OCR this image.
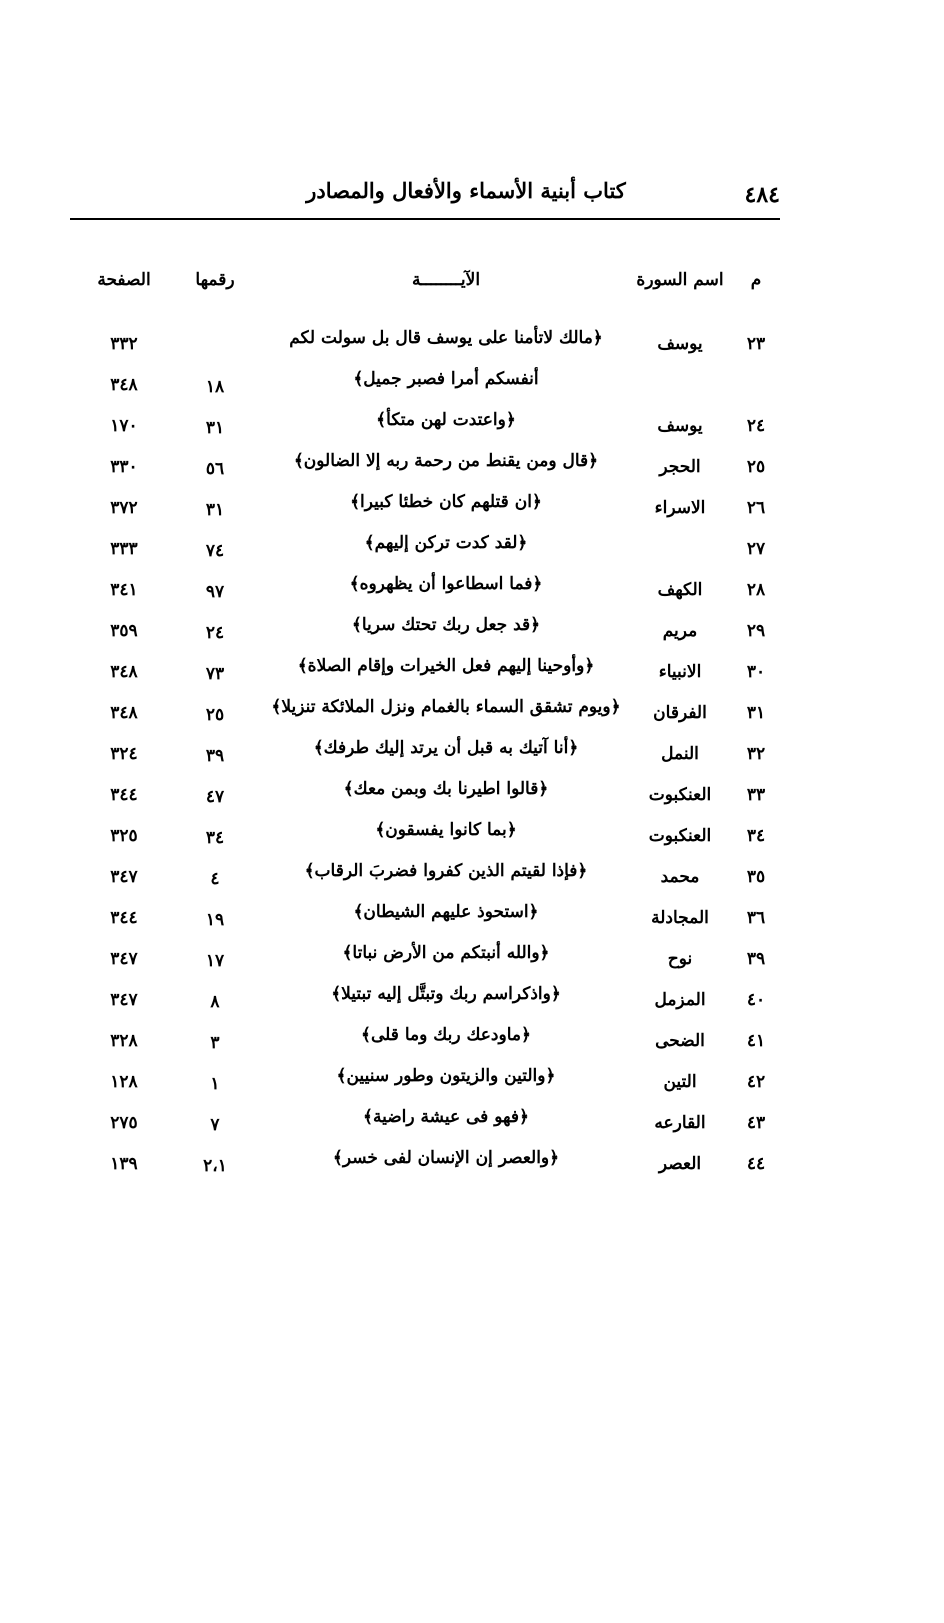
٤٨٤
كتاب أبنية الأسماء والأفعال والمصادر
م
اسم السورة
الآيــــــــة
رقمها
الصفحة
٢٣
يوسف
﴿مالك لاتأمنا على يوسف قال بل سولت لكم
٣٣٢
أنفسكم أمرا فصبر جميل﴾
١٨
٣٤٨
٢٤
يوسف
﴿واعتدت لهن متكأ﴾
٣١
١٧٠
٢٥
الحجر
﴿قال ومن يقنط من رحمة ربه إلا الضالون﴾
٥٦
٣٣٠
٢٦
الاسراء
﴿ان قتلهم كان خطئا كبيرا﴾
٣١
٣٧٢
٢٧
﴿لقد كدت تركن إليهم﴾
٧٤
٣٣٣
٢٨
الكهف
﴿فما اسطاعوا أن يظهروه﴾
٩٧
٣٤١
٢٩
مريم
﴿قد جعل ربك تحتك سريا﴾
٢٤
٣٥٩
٣٠
الانبياء
﴿وأوحينا إليهم فعل الخيرات وإقام الصلاة﴾
٧٣
٣٤٨
٣١
الفرقان
﴿ويوم تشقق السماء بالغمام ونزل الملائكة تنزيلا﴾
٢٥
٣٤٨
٣٢
النمل
﴿أنا آتيك به قبل أن يرتد إليك طرفك﴾
٣٩
٣٢٤
٣٣
العنكبوت
﴿قالوا اطيرنا بك وبمن معك﴾
٤٧
٣٤٤
٣٤
العنكبوت
﴿بما كانوا يفسقون﴾
٣٤
٣٢٥
٣٥
محمد
﴿فإذا لقيتم الذين كفروا فضربَ الرقاب﴾
٤
٣٤٧
٣٦
المجادلة
﴿استحوذ عليهم الشيطان﴾
١٩
٣٤٤
٣٩
نوح
﴿والله أنبتكم من الأرض نباتا﴾
١٧
٣٤٧
٤٠
المزمل
﴿واذكراسم ربك وتبتَّل إليه تبتيلا﴾
٨
٣٤٧
٤١
الضحى
﴿ماودعك ربك وما قلى﴾
٣
٣٢٨
٤٢
التين
﴿والتين والزيتون وطور سنيين﴾
١
١٢٨
٤٣
القارعه
﴿فهو فى عيشة راضية﴾
٧
٢٧٥
٤٤
العصر
﴿والعصر إن الإنسان لفى خسر﴾
٢،١
١٣٩
